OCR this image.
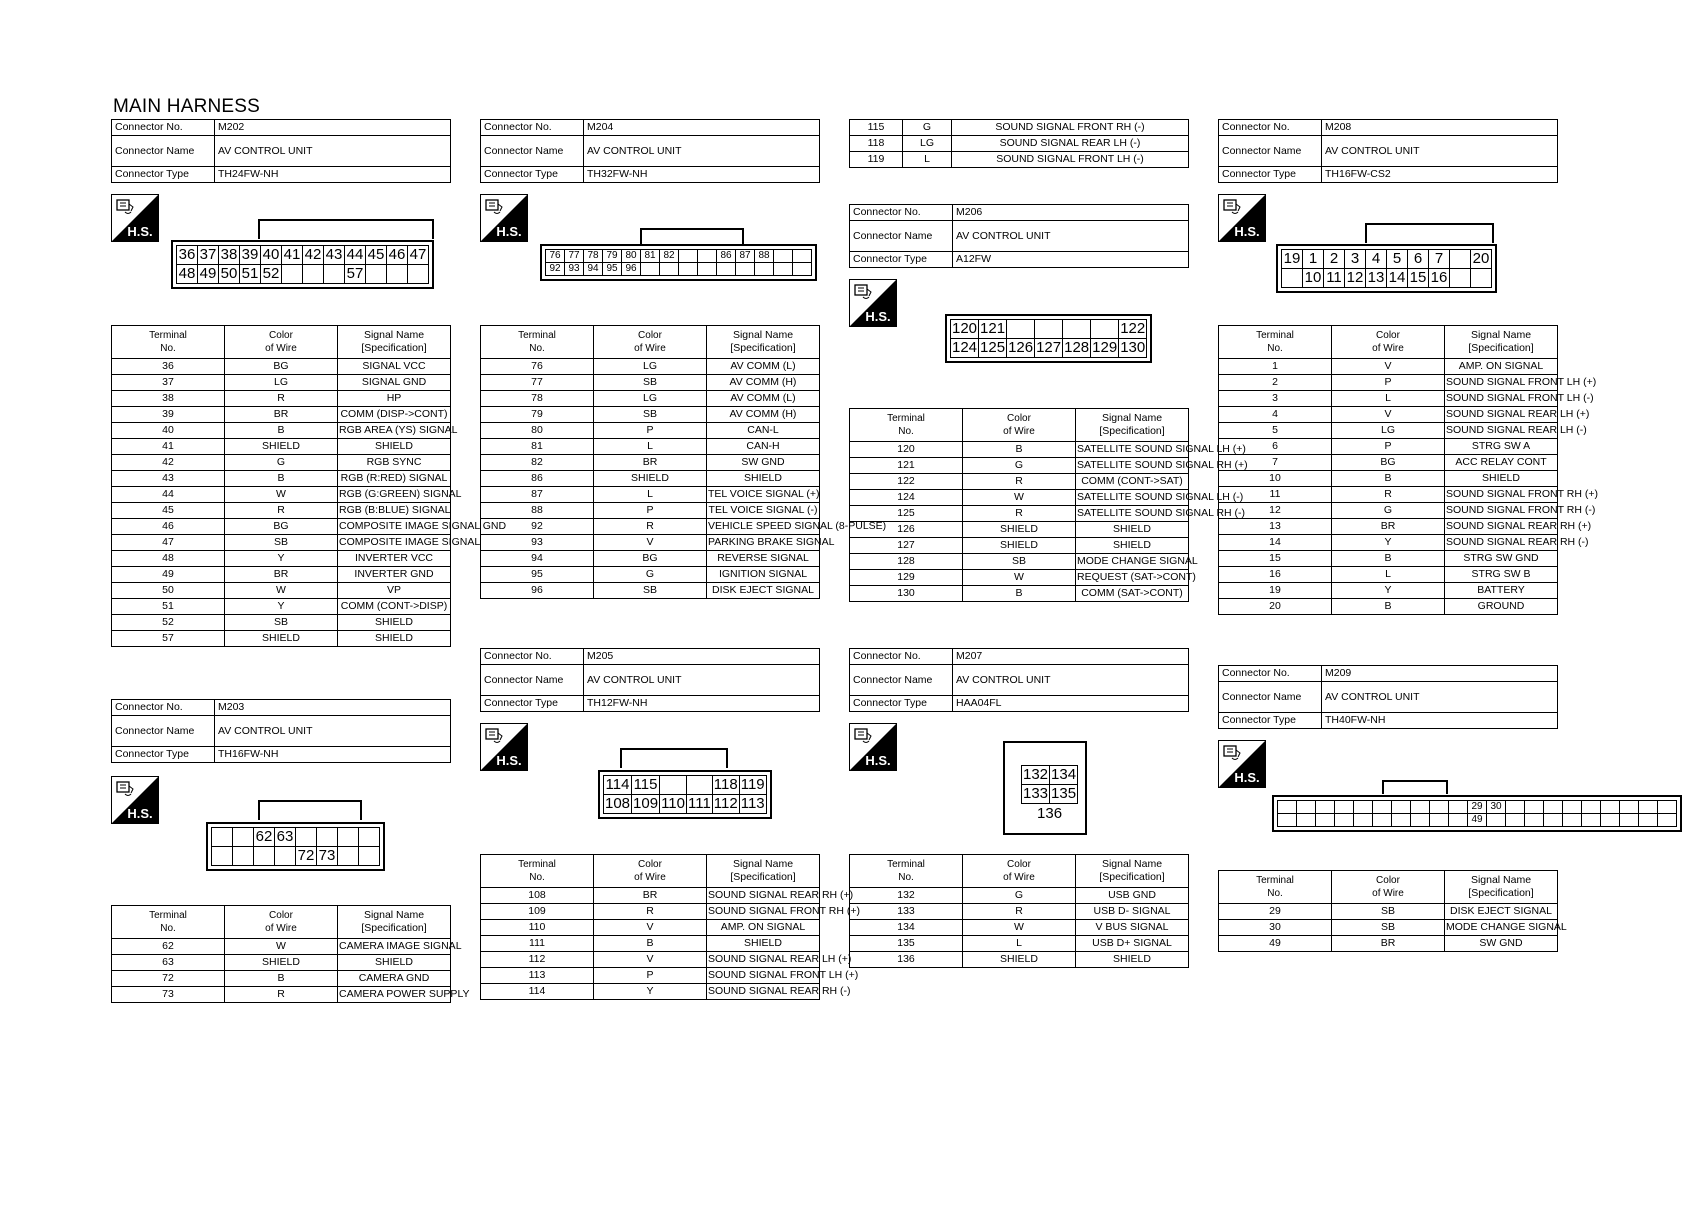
MAIN HARNESS
Connector No.	M202
Connector Name	AV CONTROL UNIT
Connector Type	TH24FW-NH
H.S.
36	37	38	39	40	41	42	43	44	45	46	47
48	49	50	51	52				57			
Terminal
No.	Color
of Wire	Signal Name [Specification]
36	BG	SIGNAL VCC
37	LG	SIGNAL GND
38	R	HP
39	BR	COMM (DISP->CONT)
40	B	RGB AREA (YS) SIGNAL
41	SHIELD	SHIELD
42	G	RGB SYNC
43	B	RGB (R:RED) SIGNAL
44	W	RGB (G:GREEN) SIGNAL
45	R	RGB (B:BLUE) SIGNAL
46	BG	COMPOSITE IMAGE SIGNAL GND
47	SB	COMPOSITE IMAGE SIGNAL
48	Y	INVERTER VCC
49	BR	INVERTER GND
50	W	VP
51	Y	COMM (CONT->DISP)
52	SB	SHIELD
57	SHIELD	SHIELD
Connector No.	M203
Connector Name	AV CONTROL UNIT
Connector Type	TH16FW-NH
H.S.
		62	63				
				72	73		
Terminal
No.	Color
of Wire	Signal Name [Specification]
62	W	CAMERA IMAGE SIGNAL
63	SHIELD	SHIELD
72	B	CAMERA GND
73	R	CAMERA POWER SUPPLY
Connector No.	M204
Connector Name	AV CONTROL UNIT
Connector Type	TH32FW-NH
H.S.
76	77	78	79	80	81	82			86	87	88		
92	93	94	95	96									
Terminal
No.	Color
of Wire	Signal Name [Specification]
76	LG	AV COMM (L)
77	SB	AV COMM (H)
78	LG	AV COMM (L)
79	SB	AV COMM (H)
80	P	CAN-L
81	L	CAN-H
82	BR	SW GND
86	SHIELD	SHIELD
87	L	TEL VOICE SIGNAL (+)
88	P	TEL VOICE SIGNAL (-)
92	R	VEHICLE SPEED SIGNAL (8-PULSE)
93	V	PARKING BRAKE SIGNAL
94	BG	REVERSE SIGNAL
95	G	IGNITION SIGNAL
96	SB	DISK EJECT SIGNAL
Connector No.	M205
Connector Name	AV CONTROL UNIT
Connector Type	TH12FW-NH
H.S.
114	115			118	119
108	109	110	111	112	113
Terminal
No.	Color
of Wire	Signal Name [Specification]
108	BR	SOUND SIGNAL REAR RH (+)
109	R	SOUND SIGNAL FRONT RH (+)
110	V	AMP. ON SIGNAL
111	B	SHIELD
112	V	SOUND SIGNAL REAR LH (+)
113	P	SOUND SIGNAL FRONT LH (+)
114	Y	SOUND SIGNAL REAR RH (-)
115	G	SOUND SIGNAL FRONT RH (-)
118	LG	SOUND SIGNAL REAR LH (-)
119	L	SOUND SIGNAL FRONT LH (-)
Connector No.	M206
Connector Name	AV CONTROL UNIT
Connector Type	A12FW
H.S.
120	121					122
124	125	126	127	128	129	130
Terminal
No.	Color
of Wire	Signal Name [Specification]
120	B	SATELLITE SOUND SIGNAL LH (+)
121	G	SATELLITE SOUND SIGNAL RH (+)
122	R	COMM (CONT->SAT)
124	W	SATELLITE SOUND SIGNAL LH (-)
125	R	SATELLITE SOUND SIGNAL RH (-)
126	SHIELD	SHIELD
127	SHIELD	SHIELD
128	SB	MODE CHANGE SIGNAL
129	W	REQUEST (SAT->CONT)
130	B	COMM (SAT->CONT)
Connector No.	M207
Connector Name	AV CONTROL UNIT
Connector Type	HAA04FL
H.S.
132	134
133	135
136
Terminal
No.	Color
of Wire	Signal Name [Specification]
132	G	USB GND
133	R	USB D- SIGNAL
134	W	V BUS SIGNAL
135	L	USB D+ SIGNAL
136	SHIELD	SHIELD
Connector No.	M208
Connector Name	AV CONTROL UNIT
Connector Type	TH16FW-CS2
H.S.
19	1	2	3	4	5	6	7		20
	10	11	12	13	14	15	16		
Terminal
No.	Color
of Wire	Signal Name [Specification]
1	V	AMP. ON SIGNAL
2	P	SOUND SIGNAL FRONT LH (+)
3	L	SOUND SIGNAL FRONT LH (-)
4	V	SOUND SIGNAL REAR LH (+)
5	LG	SOUND SIGNAL REAR LH (-)
6	P	STRG SW A
7	BG	ACC RELAY CONT
10	B	SHIELD
11	R	SOUND SIGNAL FRONT RH (+)
12	G	SOUND SIGNAL FRONT RH (-)
13	BR	SOUND SIGNAL REAR RH (+)
14	Y	SOUND SIGNAL REAR RH (-)
15	B	STRG SW GND
16	L	STRG SW B
19	Y	BATTERY
20	B	GROUND
Connector No.	M209
Connector Name	AV CONTROL UNIT
Connector Type	TH40FW-NH
H.S.
										29	30									
										49										
Terminal
No.	Color
of Wire	Signal Name [Specification]
29	SB	DISK EJECT SIGNAL
30	SB	MODE CHANGE SIGNAL
49	BR	SW GND
